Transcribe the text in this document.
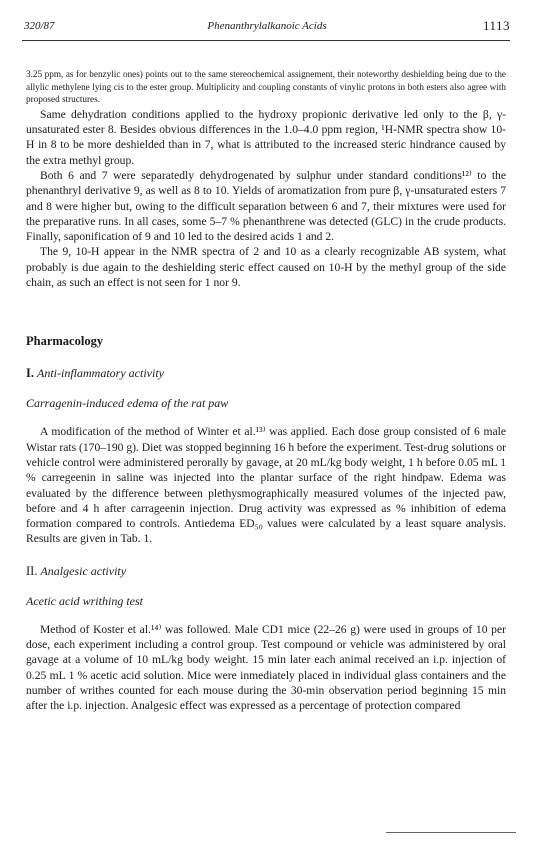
320/87	Phenanthrylalkanoic Acids	1113

3.25 ppm, as for benzylic ones) points out to the same stereochemical assignement, their noteworthy deshielding being due to the allylic methylene lying cis to the ester group. Multiplicity and coupling constants of vinylic protons in both esters also agree with proposed structures.

Same dehydration conditions applied to the hydroxy propionic derivative led only to the β, γ-unsaturated ester 8. Besides obvious differences in the 1.0–4.0 ppm region, ¹H-NMR spectra show 10-H in 8 to be more deshielded than in 7, what is attributed to the increased steric hindrance caused by the extra methyl group.

Both 6 and 7 were separatedly dehydrogenated by sulphur under standard conditions¹²⁾ to the phenanthryl derivative 9, as well as 8 to 10. Yields of aromatization from pure β, γ-unsaturated esters 7 and 8 were higher but, owing to the difficult separation between 6 and 7, their mixtures were used for the preparative runs. In all cases, some 5–7 % phenanthrene was detected (GLC) in the crude products. Finally, saponification of 9 and 10 led to the desired acids 1 and 2.

The 9, 10-H appear in the NMR spectra of 2 and 10 as a clearly recognizable AB system, what probably is due again to the deshielding steric effect caused on 10-H by the methyl group of the side chain, as such an effect is not seen for 1 nor 9.

Pharmacology
I. Anti-inflammatory activity
Carragenin-induced edema of the rat paw

A modification of the method of Winter et al.¹³⁾ was applied. Each dose group consisted of 6 male Wistar rats (170–190 g). Diet was stopped beginning 16 h before the experiment. Test-drug solutions or vehicle control were administered perorally by gavage, at 20 mL/kg body weight, 1 h before 0.05 mL 1 % carregeenin in saline was injected into the plantar surface of the right hindpaw. Edema was evaluated by the difference between plethysmographically measured volumes of the injected paw, before and 4 h after carrageenin injection. Drug activity was expressed as % inhibition of edema formation compared to controls. Antiedema ED₅₀ values were calculated by a least square analysis. Results are given in Tab. 1.

II. Analgesic activity
Acetic acid writhing test

Method of Koster et al.¹⁴⁾ was followed. Male CD1 mice (22–26 g) were used in groups of 10 per dose, each experiment including a control group. Test compound or vehicle was administered by oral gavage at a volume of 10 mL/kg body weight. 15 min later each animal received an i.p. injection of 0.25 mL 1 % acetic acid solution. Mice were inmediately placed in individual glass containers and the number of writhes counted for each mouse during the 30-min observation period beginning 15 min after the i.p. injection. Analgesic effect was expressed as a percentage of protection compared
